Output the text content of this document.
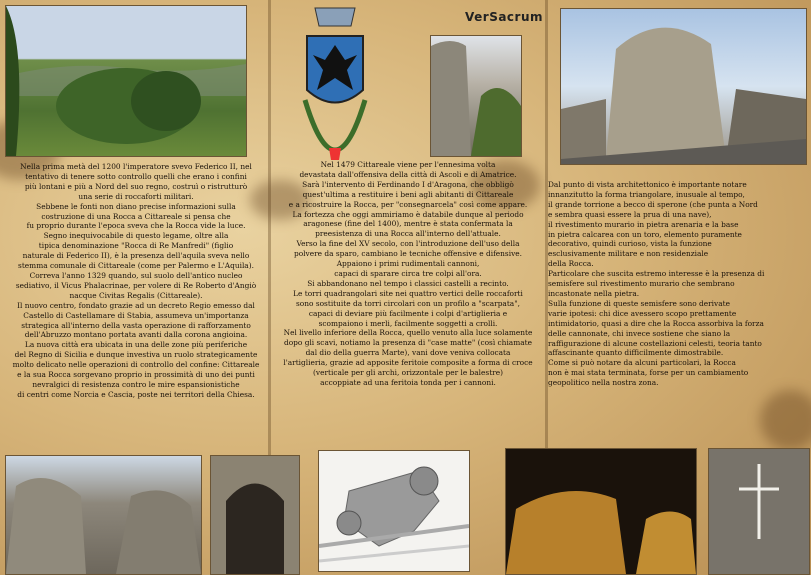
VerSacrum

Nella prima metà del 1200 l'imperatore svevo Federico II, nel

tentativo di tenere sotto controllo quelli che erano i confini

più lontani e più a Nord del suo regno, costruì o ristrutturò

una serie di roccaforti militari.

Sebbene le fonti non diano precise informazioni sulla

costruzione di una Rocca a Cittareale si pensa che

fu proprio durante l'epoca sveva che la Rocca vide la luce.

Segno inequivocabile di questo legame, oltre alla

tipica denominazione "Rocca di Re Manfredi" (figlio

naturale di Federico II), è la presenza dell'aquila sveva nello

stemma comunale di Cittareale (come per Palermo e L'Aquila).

Correva l'anno 1329 quando, sul suolo dell'antico nucleo

sediativo, il Vicus Phalacrinae, per volere di Re Roberto d'Angiò

nacque Civitas Regalis (Cittareale).

Il nuovo centro, fondato grazie ad un decreto Regio emesso dal

Castello di Castellamare di Stabia, assumeva un'importanza

strategica all'interno della vasta operazione di rafforzamento

dell'Abruzzo montano portata avanti dalla corona angioina.

La nuova città era ubicata in una delle zone più periferiche

del Regno di Sicilia e dunque investiva un ruolo strategicamente

molto delicato nelle operazioni di controllo del confine: Cittareale

e la sua Rocca sorgevano proprio in prossimità di uno dei punti

nevralgici di resistenza contro le mire espansionistiche

di centri come Norcia e Cascia, poste nei territori della Chiesa.

Nel 1479 Cittareale viene per l'ennesima volta

devastata dall'offensiva della città di Ascoli e di Amatrice.

Sarà l'intervento di Ferdinando I d'Aragona, che obbligò

quest'ultima a restituire i beni agli abitanti di Cittareale

e a ricostruire la Rocca, per "consegnarcela" così come appare.

La fortezza che oggi ammiriamo è databile dunque al periodo

aragonese (fine del 1400), mentre è stata confermata la

preesistenza di una Rocca all'interno dell'attuale.

Verso la fine del XV secolo, con l'introduzione dell'uso della

polvere da sparo, cambiano le tecniche offensive e difensive.

Appaiono i primi rudimentali cannoni,

capaci di sparare circa tre colpi all'ora.

Si abbandonano nel tempo i classici castelli a recinto.

Le torri quadrangolari site nei quattro vertici delle roccaforti

sono sostituite da torri circolari con un profilo a "scarpata",

capaci di deviare più facilmente i colpi d'artiglieria e

scompaiono i merli, facilmente soggetti a crolli.

Nel livello inferiore della Rocca, quello venuto alla luce solamente

dopo gli scavi, notiamo la presenza di "case matte" (così chiamate

dal dio della guerra Marte), vani dove veniva collocata

l'artiglieria, grazie ad apposite feritoie composite a forma di croce

(verticale per gli archi, orizzontale per le balestre)

accoppiate ad una feritoia tonda per i cannoni.

Dal punto di vista architettonico è importante notare

innanzitutto la forma triangolare, inusuale al tempo,

il grande torrione a becco di sperone (che punta a Nord

e sembra quasi essere la prua di una nave),

il rivestimento murario in pietra arenaria e la base

in pietra calcarea con un toro, elemento puramente

decorativo, quindi curioso, vista la funzione

esclusivamente militare e non residenziale

della Rocca.

Particolare che suscita estremo interesse è la presenza di

semisfere sul rivestimento murario che sembrano

incastonate nella pietra.

Sulla funzione di queste semisfere sono derivate

varie ipotesi: chi dice avessero scopo prettamente

intimidatorio, quasi a dire che la Rocca assorbiva la forza

delle cannonate, chi invece sostiene che siano la

raffigurazione di alcune costellazioni celesti, teoria tanto

affascinante quanto difficilmente dimostrabile.

Come si può notare da alcuni particolari, la Rocca

non è mai stata terminata, forse per un cambiamento

geopolitico nella nostra zona.
